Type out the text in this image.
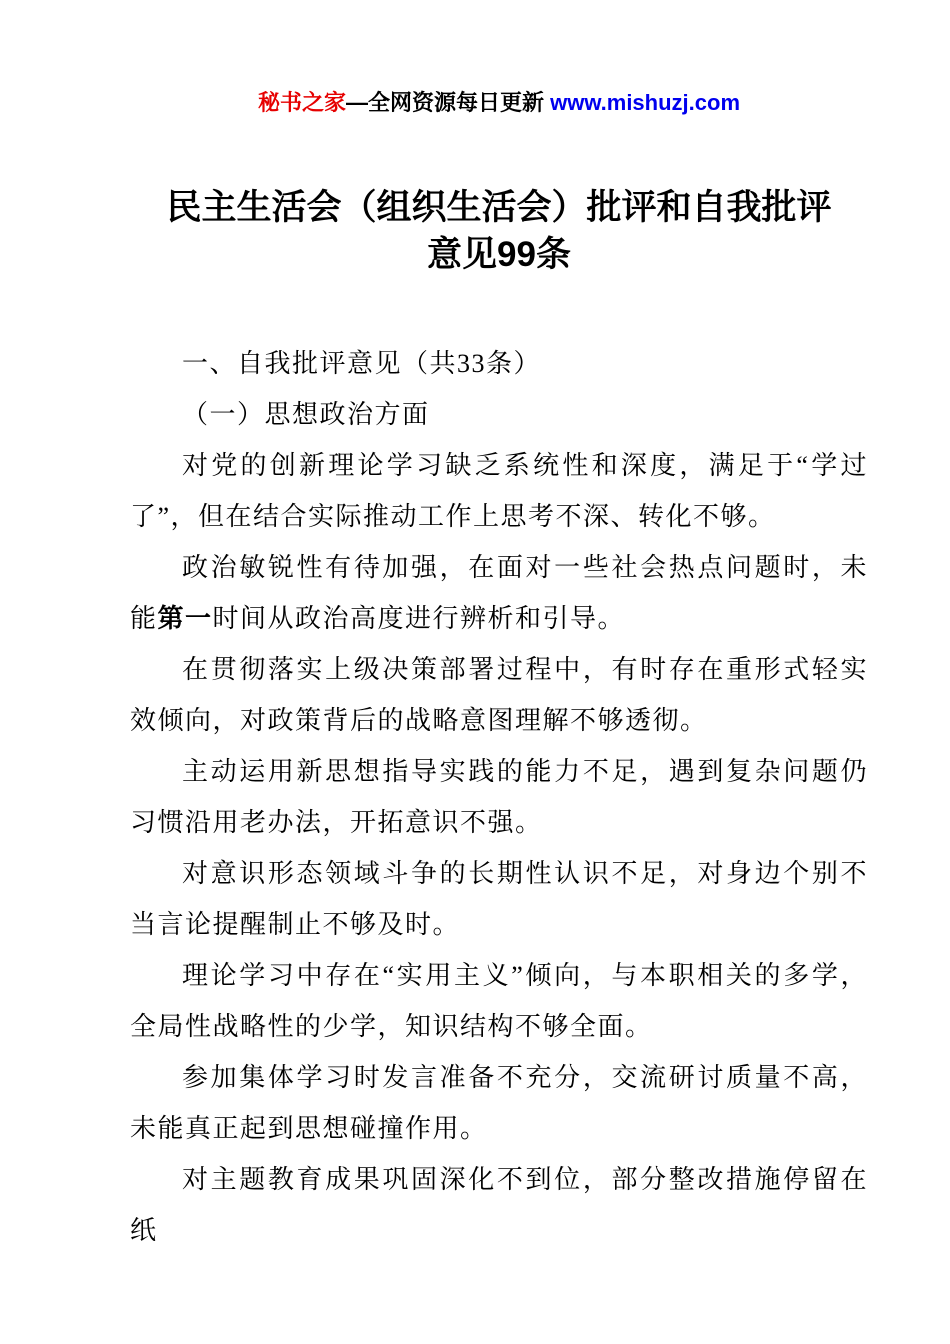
秘书之家—全网资源每日更新 www.mishuzj.com
民主生活会（组织生活会）批评和自我批评
意见99条

一、自我批评意见（共33条）

（一）思想政治方面

对党的创新理论学习缺乏系统性和深度，满足于“学过了”，但在结合实际推动工作上思考不深、转化不够。

政治敏锐性有待加强，在面对一些社会热点问题时，未能第一时间从政治高度进行辨析和引导。

在贯彻落实上级决策部署过程中，有时存在重形式轻实效倾向，对政策背后的战略意图理解不够透彻。

主动运用新思想指导实践的能力不足，遇到复杂问题仍习惯沿用老办法，开拓意识不强。

对意识形态领域斗争的长期性认识不足，对身边个别不当言论提醒制止不够及时。

理论学习中存在“实用主义”倾向，与本职相关的多学，全局性战略性的少学，知识结构不够全面。

参加集体学习时发言准备不充分，交流研讨质量不高，未能真正起到思想碰撞作用。

对主题教育成果巩固深化不到位，部分整改措施停留在纸
